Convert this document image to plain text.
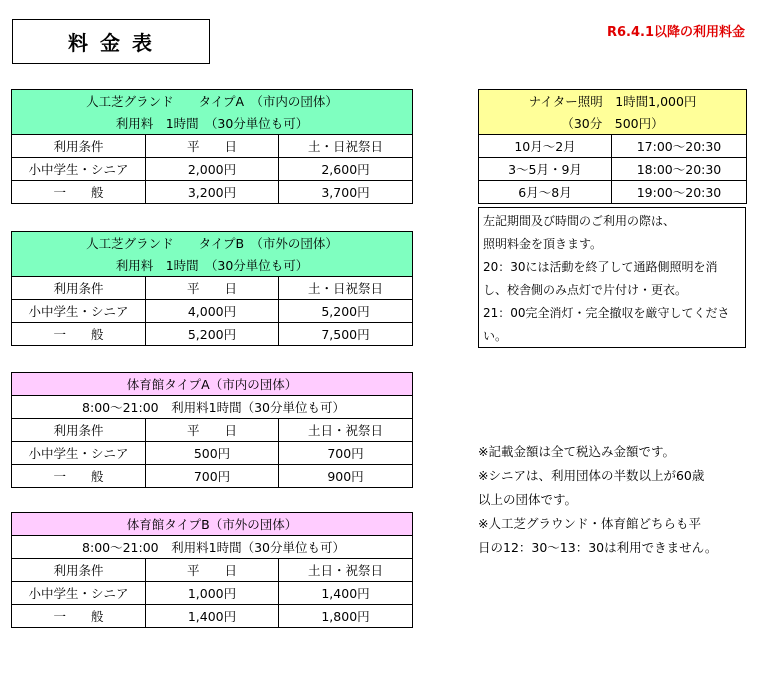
料金表	R6.4.1以降の利用料金
人工芝グランド　　タイプA　（市内の団体）		
利用料　1時間　（30分単位も可）		
利用条件	平　　日	土・日祝祭日
小中学生・シニア	2,000円	2,600円
一　　般	3,200円	3,700円
人工芝グランド　　タイプB　（市外の団体）		
利用料　1時間　（30分単位も可）		
利用条件	平　　日	土・日祝祭日
小中学生・シニア	4,000円	5,200円
一　　般	5,200円	7,500円
体育館タイプA（市内の団体）		
8:00～21:00　利用料1時間（30分単位も可）		
利用条件	平　　日	土日・祝祭日
小中学生・シニア	500円	700円
一　　般	700円	900円
体育館タイプB（市外の団体）		
8:00～21:00　利用料1時間（30分単位も可）		
利用条件	平　　日	土日・祝祭日
小中学生・シニア	1,000円	1,400円
一　　般	1,400円	1,800円
ナイター照明　1時間1,000円	
（30分　500円）	
10月～2月	17:00～20:30
3～5月・9月	18:00～20:30
6月～8月	19:00～20:30
左記期間及び時間のご利用の際は、
照明料金を頂きます。
20：30には活動を終了して通路側照明を消
し、校舎側のみ点灯で片付け・更衣。
21：00完全消灯・完全撤収を厳守してくださ
い。

※記載金額は全て税込み金額です。

※シニアは、利用団体の半数以上が60歳

以上の団体です。

※人工芝グラウンド・体育館どちらも平

日の12：30～13：30は利用できません。
